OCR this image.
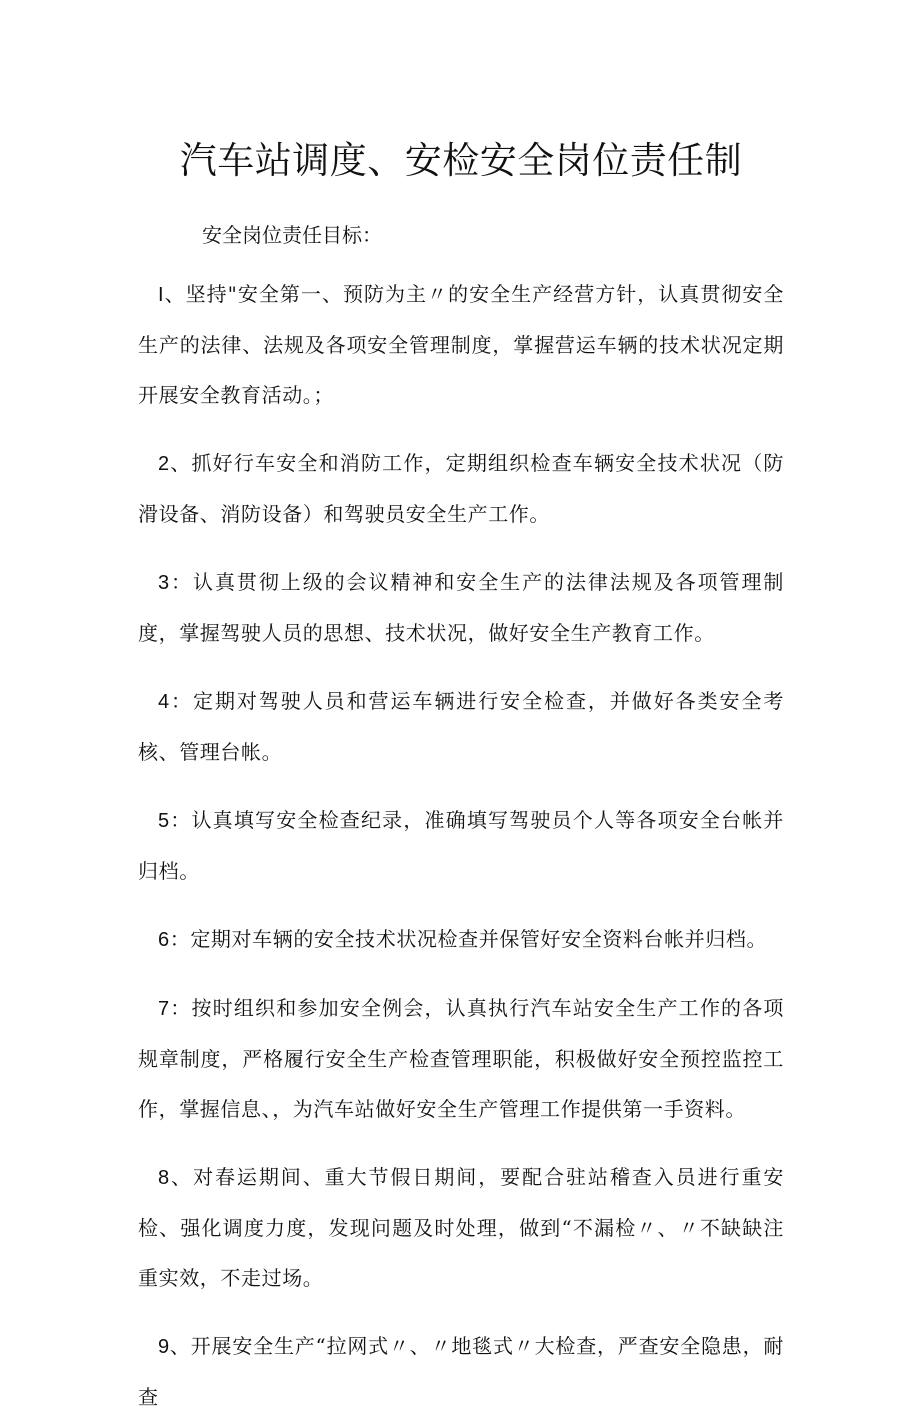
汽车站调度、安检安全岗位责任制

安全岗位责任目标：

I、坚持"安全第一、预防为主〃的安全生产经营方针，认真贯彻安全生产的法律、法规及各项安全管理制度，掌握营运车辆的技术状况定期开展安全教育活动。；

2、抓好行车安全和消防工作，定期组织检查车辆安全技术状况（防滑设备、消防设备）和驾驶员安全生产工作。

3：认真贯彻上级的会议精神和安全生产的法律法规及各项管理制度，掌握驾驶人员的思想、技术状况，做好安全生产教育工作。

4：定期对驾驶人员和营运车辆进行安全检查，并做好各类安全考核、管理台帐。

5：认真填写安全检查纪录，准确填写驾驶员个人等各项安全台帐并归档。

6：定期对车辆的安全技术状况检查并保管好安全资料台帐并归档。

7：按时组织和参加安全例会，认真执行汽车站安全生产工作的各项规章制度，严格履行安全生产检查管理职能，积极做好安全预控监控工作，掌握信息、，为汽车站做好安全生产管理工作提供第一手资料。

8、对春运期间、重大节假日期间，要配合驻站稽查入员进行重安检、强化调度力度，发现问题及时处理，做到“不漏检〃、〃不缺缺注重实效，不走过场。

9、开展安全生产“拉网式〃、〃地毯式〃大检查，严查安全隐患，耐查
